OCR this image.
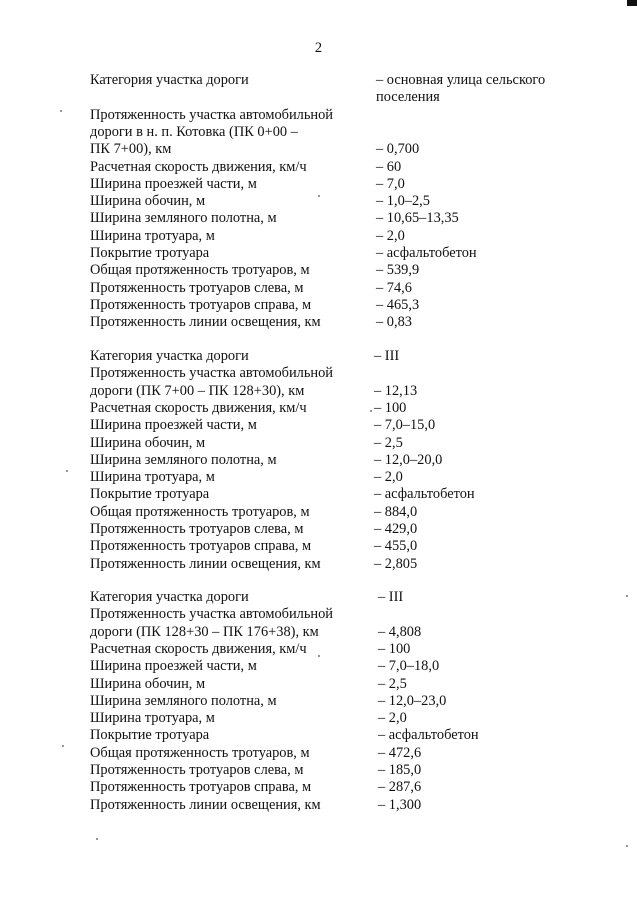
2
Категория участка дороги	– основная улица сельского
поселения
Протяженность участка автомобильной
дороги в н. п. Котовка (ПК 0+00 –
ПК 7+00), км	– 0,700
Расчетная скорость движения, км/ч	– 60
Ширина проезжей части, м	– 7,0
Ширина обочин, м	– 1,0–2,5
Ширина земляного полотна, м	– 10,65–13,35
Ширина тротуара, м	– 2,0
Покрытие тротуара	– асфальтобетон
Общая протяженность тротуаров, м	– 539,9
Протяженность тротуаров слева, м	– 74,6
Протяженность тротуаров справа, м	– 465,3
Протяженность линии освещения, км	– 0,83
Категория участка дороги	– III
Протяженность участка автомобильной
дороги (ПК 7+00 – ПК 128+30), км	– 12,13
Расчетная скорость движения, км/ч	– 100
Ширина проезжей части, м	– 7,0–15,0
Ширина обочин, м	– 2,5
Ширина земляного полотна, м	– 12,0–20,0
Ширина тротуара, м	– 2,0
Покрытие тротуара	– асфальтобетон
Общая протяженность тротуаров, м	– 884,0
Протяженность тротуаров слева, м	– 429,0
Протяженность тротуаров справа, м	– 455,0
Протяженность линии освещения, км	– 2,805
Категория участка дороги	– III
Протяженность участка автомобильной
дороги (ПК 128+30 – ПК 176+38), км	– 4,808
Расчетная скорость движения, км/ч	– 100
Ширина проезжей части, м	– 7,0–18,0
Ширина обочин, м	– 2,5
Ширина земляного полотна, м	– 12,0–23,0
Ширина тротуара, м	– 2,0
Покрытие тротуара	– асфальтобетон
Общая протяженность тротуаров, м	– 472,6
Протяженность тротуаров слева, м	– 185,0
Протяженность тротуаров справа, м	– 287,6
Протяженность линии освещения, км	– 1,300
